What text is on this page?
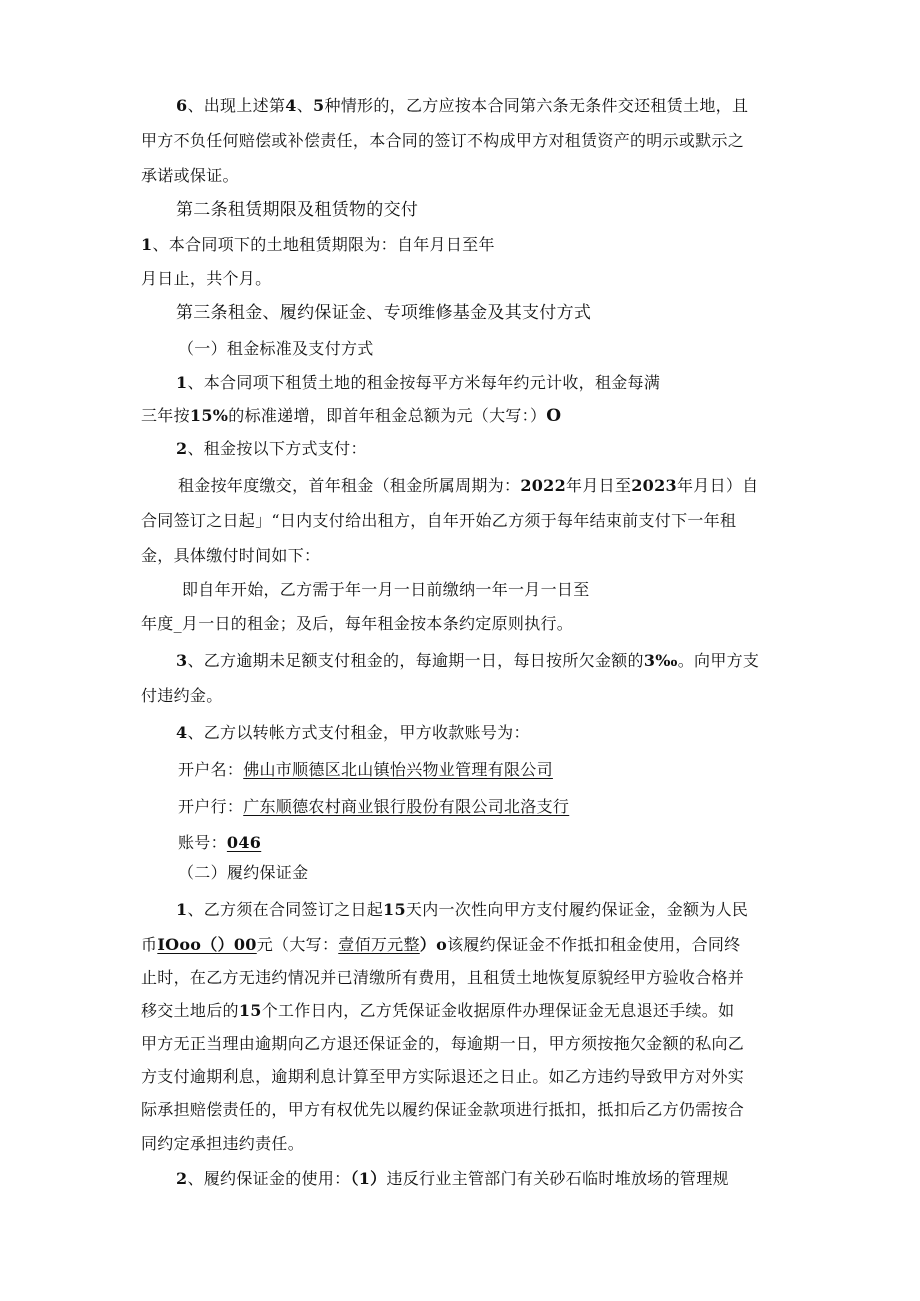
6、出现上述第4、5种情形的，乙方应按本合同第六条无条件交还租赁土地，且
甲方不负任何赔偿或补偿责任，本合同的签订不构成甲方对租赁资产的明示或默示之
承诺或保证。
第二条租赁期限及租赁物的交付
1、本合同项下的土地租赁期限为：自年月日至年
月日止，共个月。
第三条租金、履约保证金、专项维修基金及其支付方式
（一）租金标准及支付方式
1、本合同项下租赁土地的租金按每平方米每年约元计收，租金每满
三年按15%的标准递增，即首年租金总额为元（大写：）O
2、租金按以下方式支付：
租金按年度缴交，首年租金（租金所属周期为：2022年月日至2023年月日）自
合同签订之日起」“日内支付给出租方，自年开始乙方须于每年结束前支付下一年租
金，具体缴付时间如下：
即自年开始，乙方需于年一月一日前缴纳一年一月一日至
年度_月一日的租金；及后，每年租金按本条约定原则执行。
3、乙方逾期未足额支付租金的，每逾期一日，每日按所欠金额的3‰。向甲方支
付违约金。
4、乙方以转帐方式支付租金，甲方收款账号为：
开户名：佛山市顺德区北山镇怡兴物业管理有限公司
开户行：广东顺德农村商业银行股份有限公司北洛支行
账号：046
（二）履约保证金
1、乙方须在合同签订之日起15天内一次性向甲方支付履约保证金，金额为人民
币IOoo（）00元（大写：壹佰万元整）o该履约保证金不作抵扣租金使用，合同终
止时，在乙方无违约情况并已清缴所有费用，且租赁土地恢复原貌经甲方验收合格并
移交土地后的15个工作日内，乙方凭保证金收据原件办理保证金无息退还手续。如
甲方无正当理由逾期向乙方退还保证金的，每逾期一日，甲方须按拖欠金额的私向乙
方支付逾期利息，逾期利息计算至甲方实际退还之日止。如乙方违约导致甲方对外实
际承担赔偿责任的，甲方有权优先以履约保证金款项进行抵扣，抵扣后乙方仍需按合
同约定承担违约责任。
2、履约保证金的使用：（1）违反行业主管部门有关砂石临时堆放场的管理规
